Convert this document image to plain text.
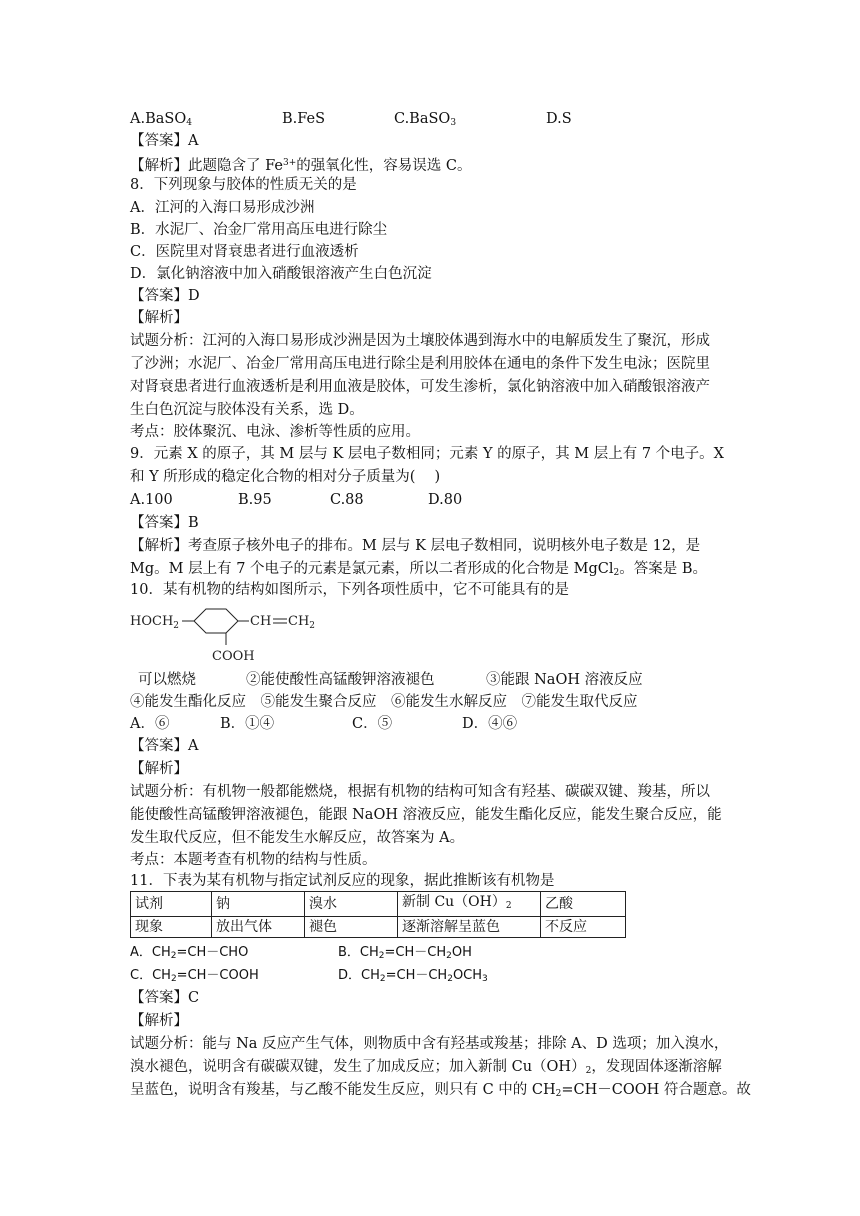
A.BaSO$_4$	B.FeS	C.BaSO$_3$	D.S
【答案】A
【解析】此题隐含了 $Fe^{3+}$的强氧化性，容易误选 C。
8．下列现象与胶体的性质无关的是
A．江河的入海口易形成沙洲
B．水泥厂、冶金厂常用高压电进行除尘
C．医院里对肾衰患者进行血液透析
D．氯化钠溶液中加入硝酸银溶液产生白色沉淀
【答案】D
【解析】
试题分析：江河的入海口易形成沙洲是因为土壤胶体遇到海水中的电解质发生了聚沉，形成
了沙洲；水泥厂、冶金厂常用高压电进行除尘是利用胶体在通电的条件下发生电泳；医院里
对肾衰患者进行血液透析是利用血液是胶体，可发生渗析，氯化钠溶液中加入硝酸银溶液产
生白色沉淀与胶体没有关系，选 D。
考点：胶体聚沉、电泳、渗析等性质的应用。
9．元素 X 的原子，其 M 层与 K 层电子数相同；元素 Y 的原子，其 M 层上有 7 个电子。X
和 Y 所形成的稳定化合物的相对分子质量为(　 )
A.100	B.95	C.88	D.80
【答案】B
【解析】考查原子核外电子的排布。M 层与 K 层电子数相同，说明核外电子数是 12，是
Mg。M 层上有 7 个电子的元素是氯元素，所以二者形成的化合物是 MgCl$_2$。答案是 B。
10．某有机物的结构如图所示，下列各项性质中，它不可能具有的是
$HOCH_2$	CH $CH_2$
COOH
可以燃烧	②能使酸性高锰酸钾溶液褪色	③能跟 NaOH 溶液反应
④能发生酯化反应　⑤能发生聚合反应　⑥能发生水解反应　⑦能发生取代反应
A．⑥	B．①④	C．⑤	D．④⑥
【答案】A
【解析】
试题分析：有机物一般都能燃烧，根据有机物的结构可知含有羟基、碳碳双键、羧基，所以
能使酸性高锰酸钾溶液褪色，能跟 NaOH 溶液反应，能发生酯化反应，能发生聚合反应，能
发生取代反应，但不能发生水解反应，故答案为 A。
考点：本题考查有机物的结构与性质。
11．下表为某有机物与指定试剂反应的现象，据此推断该有机物是
试剂	钠	溴水	新制 $Cu(OH)_2$	乙酸
现象	放出气体	褪色	逐渐溶解呈蓝色	不反应
A．$CH_2=CH-CHO$	B．$CH_2=CH-CH_2OH$
C．$CH_2=CH-COOH$	D．$CH_2=CH-CH_2OCH_3$
【答案】C
【解析】
试题分析：能与 Na 反应产生气体，则物质中含有羟基或羧基；排除 A、D 选项；加入溴水，
溴水褪色，说明含有碳碳双键，发生了加成反应；加入新制 $Cu(OH)_2$，发现固体逐渐溶解
呈蓝色，说明含有羧基，与乙酸不能发生反应，则只有 C 中的 $CH_2=CH-COOH$ 符合题意。故
